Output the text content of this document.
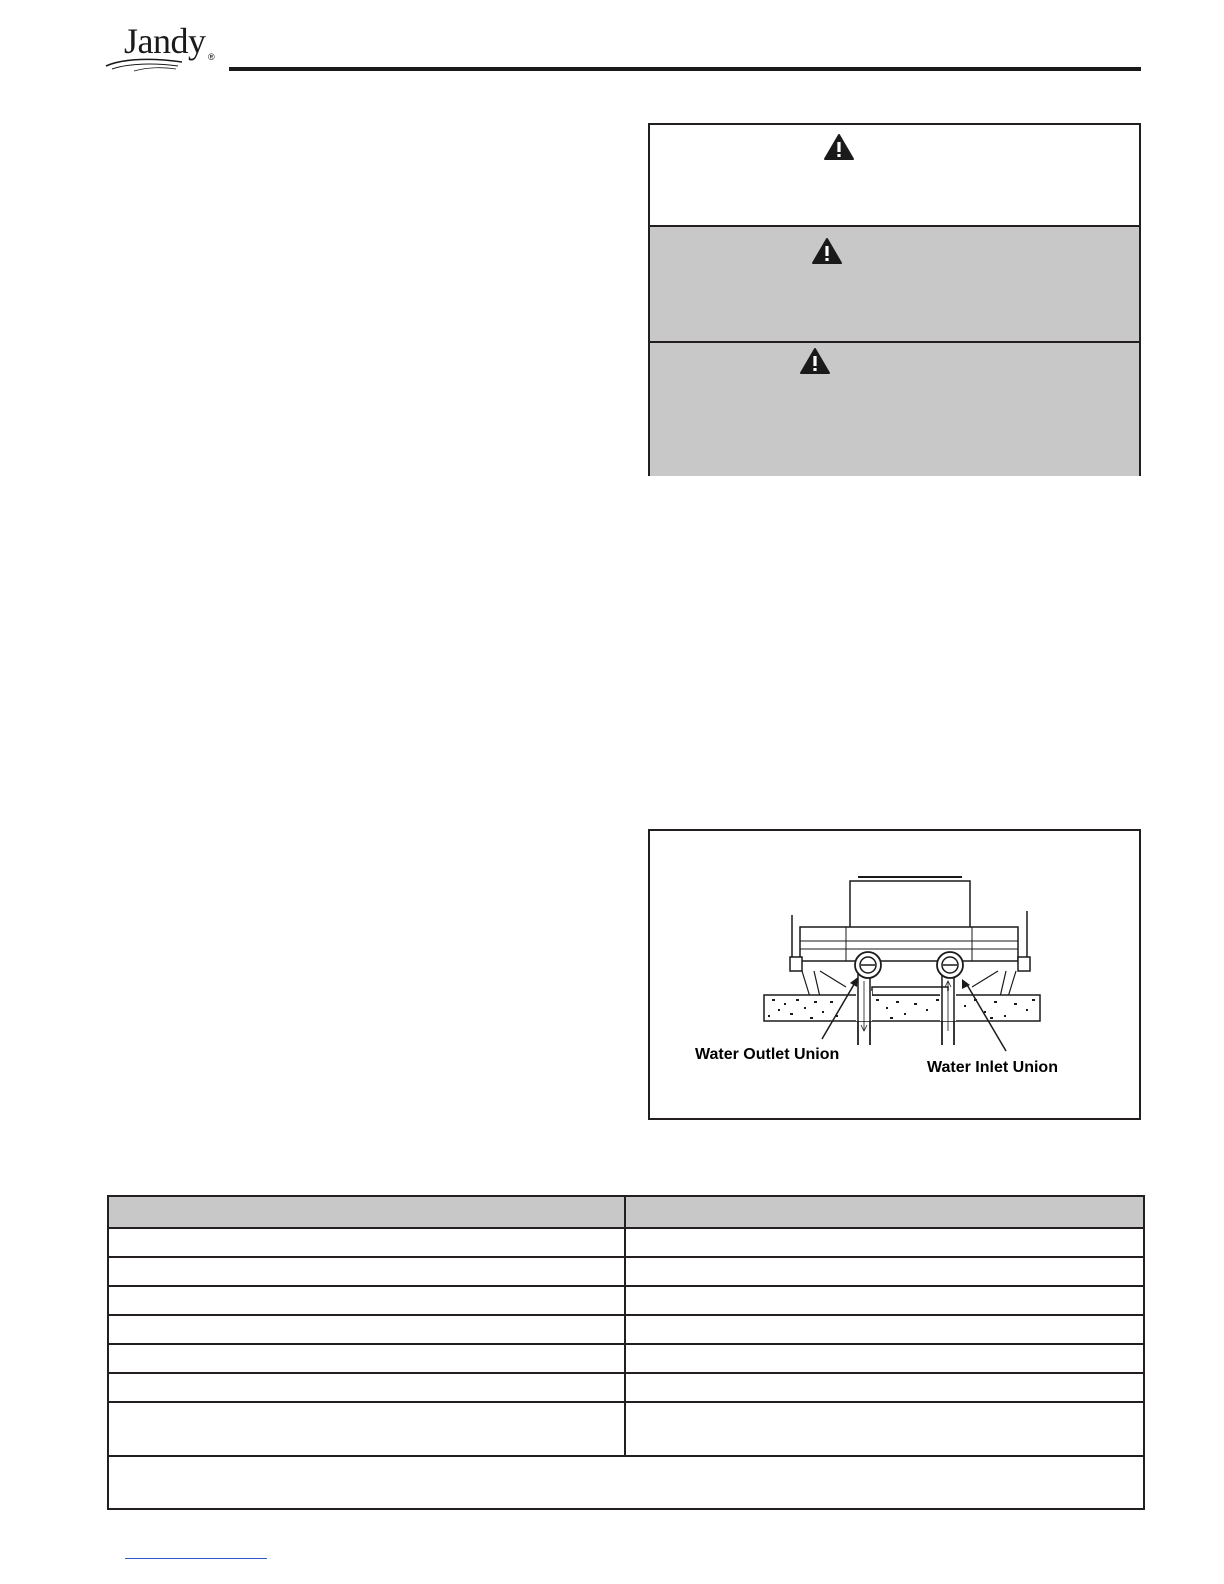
Jandy ®
Water Outlet Union
Water Inlet Union
